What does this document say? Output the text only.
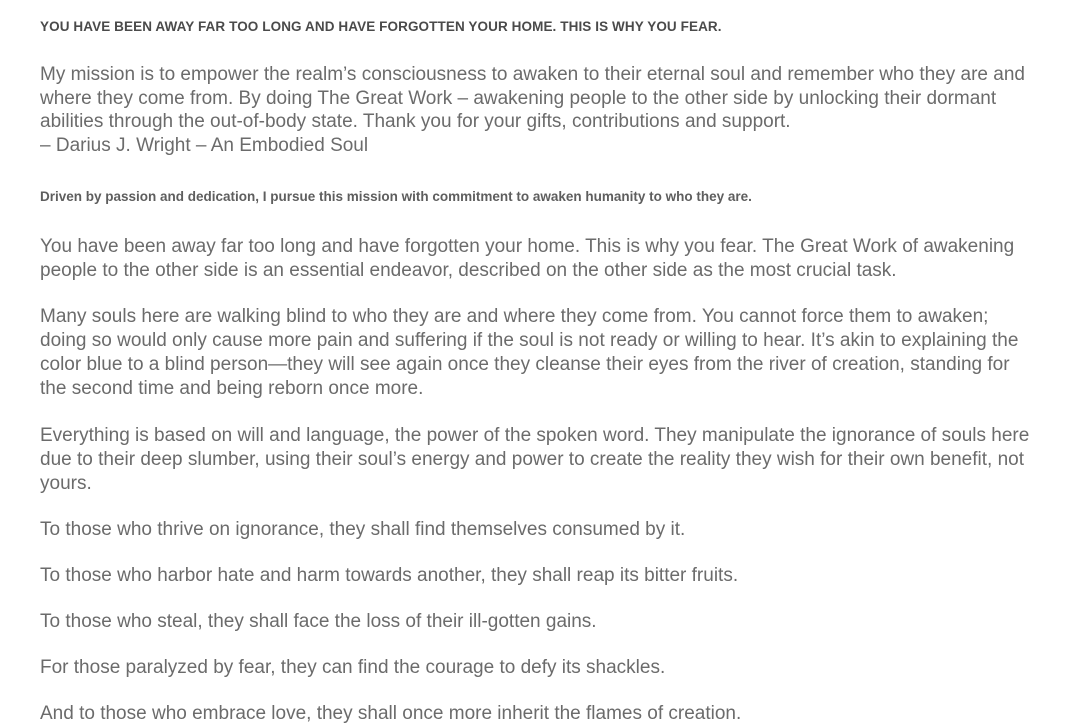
YOU HAVE BEEN AWAY FAR TOO LONG AND HAVE FORGOTTEN YOUR HOME. THIS IS WHY YOU FEAR.
My mission is to empower the realm’s consciousness to awaken to their eternal soul and remember who they are and where they come from. By doing The Great Work – awakening people to the other side by unlocking their dormant abilities through the out-of-body state. Thank you for your gifts, contributions and support.
– Darius J. Wright – An Embodied Soul
Driven by passion and dedication, I pursue this mission with commitment to awaken humanity to who they are.

You have been away far too long and have forgotten your home. This is why you fear. The Great Work of awakening people to the other side is an essential endeavor, described on the other side as the most crucial task.

Many souls here are walking blind to who they are and where they come from. You cannot force them to awaken; doing so would only cause more pain and suffering if the soul is not ready or willing to hear. It’s akin to explaining the color blue to a blind person—they will see again once they cleanse their eyes from the river of creation, standing for the second time and being reborn once more.

Everything is based on will and language, the power of the spoken word. They manipulate the ignorance of souls here due to their deep slumber, using their soul’s energy and power to create the reality they wish for their own benefit, not yours.

To those who thrive on ignorance, they shall find themselves consumed by it.

To those who harbor hate and harm towards another, they shall reap its bitter fruits.

To those who steal, they shall face the loss of their ill-gotten gains.

For those paralyzed by fear, they can find the courage to defy its shackles.

And to those who embrace love, they shall once more inherit the flames of creation.
